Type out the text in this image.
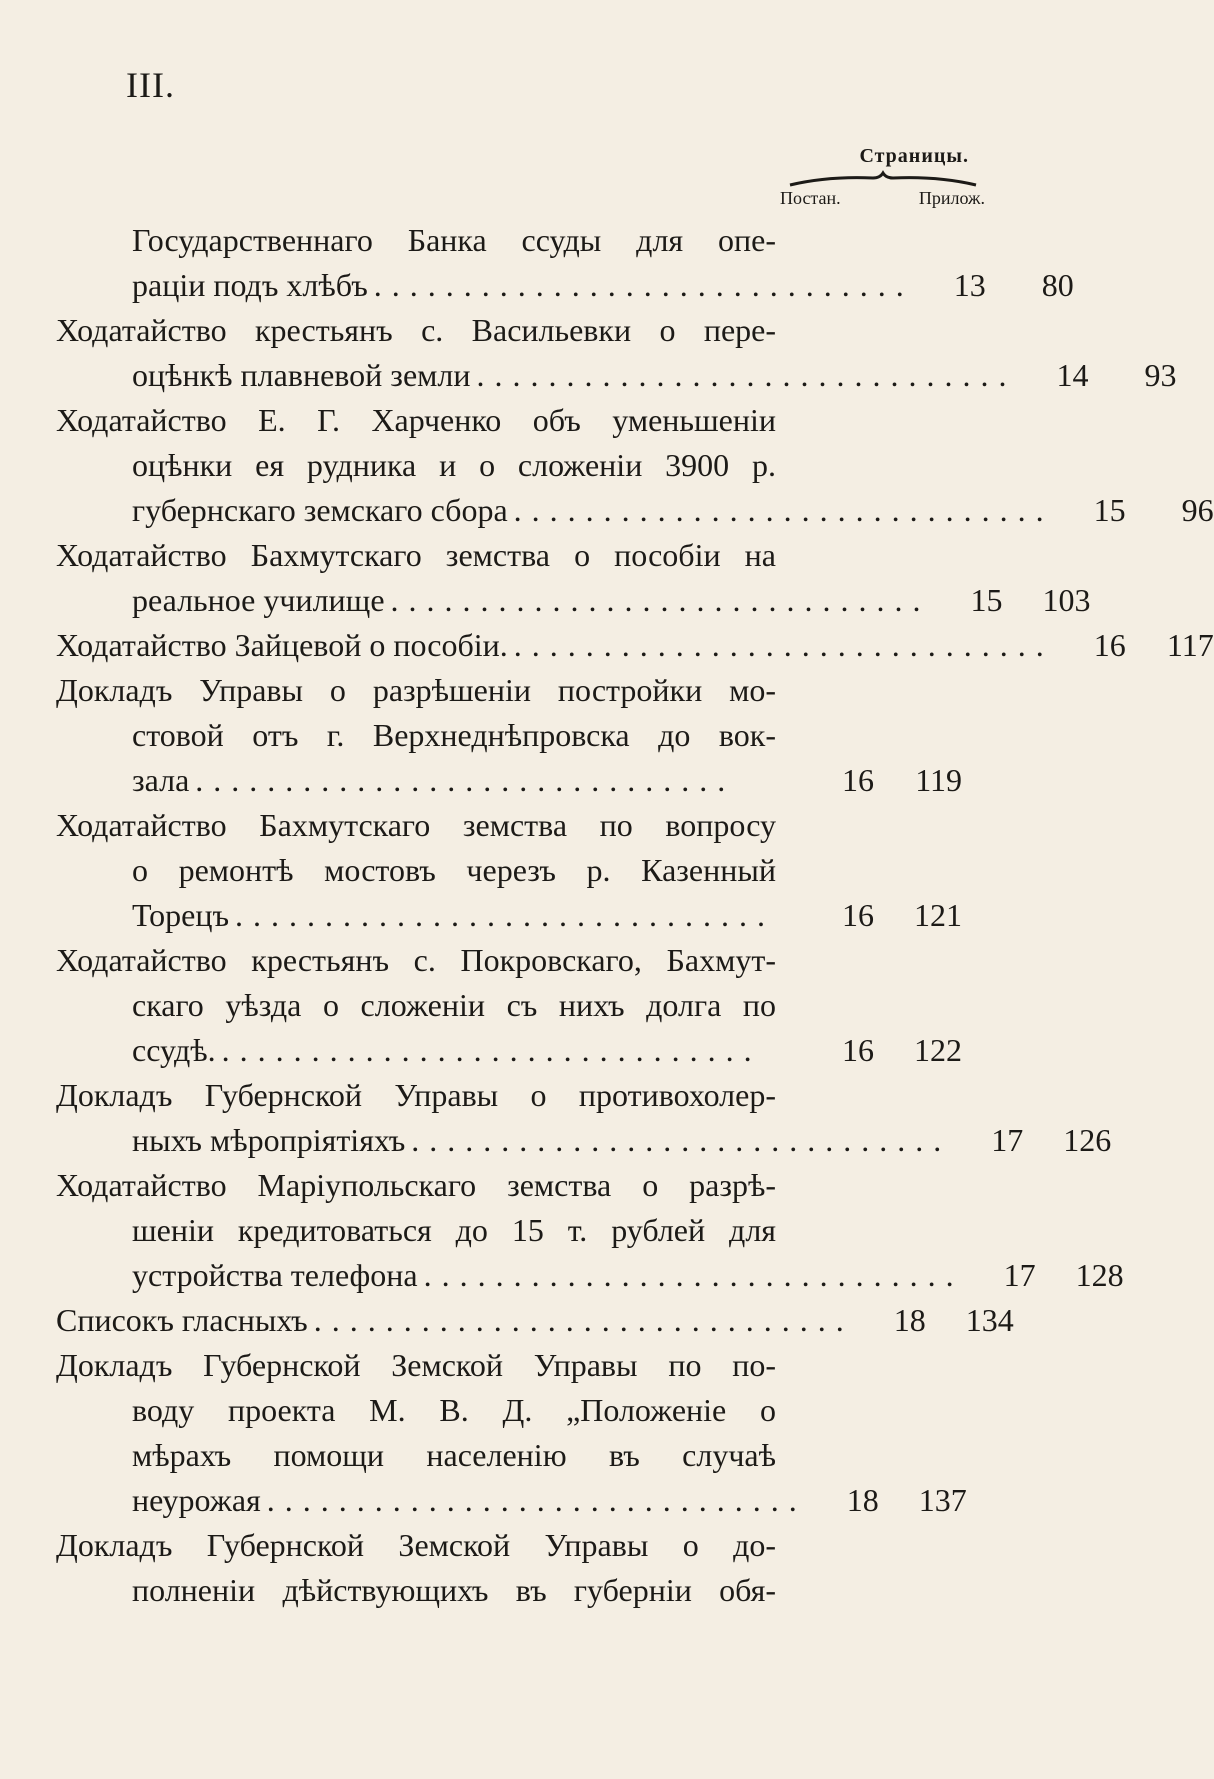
III.
Страницы.
Постан.	Прилож.
Государственнаго Банка ссуды для опе-
раціи подъ хлѣбъ ..............................	13	80
Ходатайство крестьянъ с. Васильевки о пере-
оцѣнкѣ плавневой земли ..............................	14	93
Ходатайство Е. Г. Харченко объ уменьшеніи
оцѣнки ея рудника и о сложеніи 3900 р.
губернскаго земскаго сбора ..............................	15	96
Ходатайство Бахмутскаго земства о пособіи на
реальное училище ..............................	15	103
Ходатайство Зайцевой о пособіи. ..............................	16	117
Докладъ Управы о разрѣшеніи постройки мо-
стовой отъ г. Верхнеднѣпровска до вок-
зала ..............................	16	119
Ходатайство Бахмутскаго земства по вопросу
о ремонтѣ мостовъ черезъ р. Казенный
Торецъ ..............................	16	121
Ходатайство крестьянъ с. Покровскаго, Бахмут-
скаго уѣзда о сложеніи съ нихъ долга по
ссудѣ. ..............................	16	122
Докладъ Губернской Управы о противохолер-
ныхъ мѣропріятіяхъ ..............................	17	126
Ходатайство Маріупольскаго земства о разрѣ-
шеніи кредитоваться до 15 т. рублей для
устройства телефона ..............................	17	128
Списокъ гласныхъ ..............................	18	134
Докладъ Губернской Земской Управы по по-
воду проекта М. В. Д. „Положеніе о
мѣрахъ помощи населенію въ случаѣ
неурожая ..............................	18	137
Докладъ Губернской Земской Управы о до-
полненіи дѣйствующихъ въ губерніи обя-
